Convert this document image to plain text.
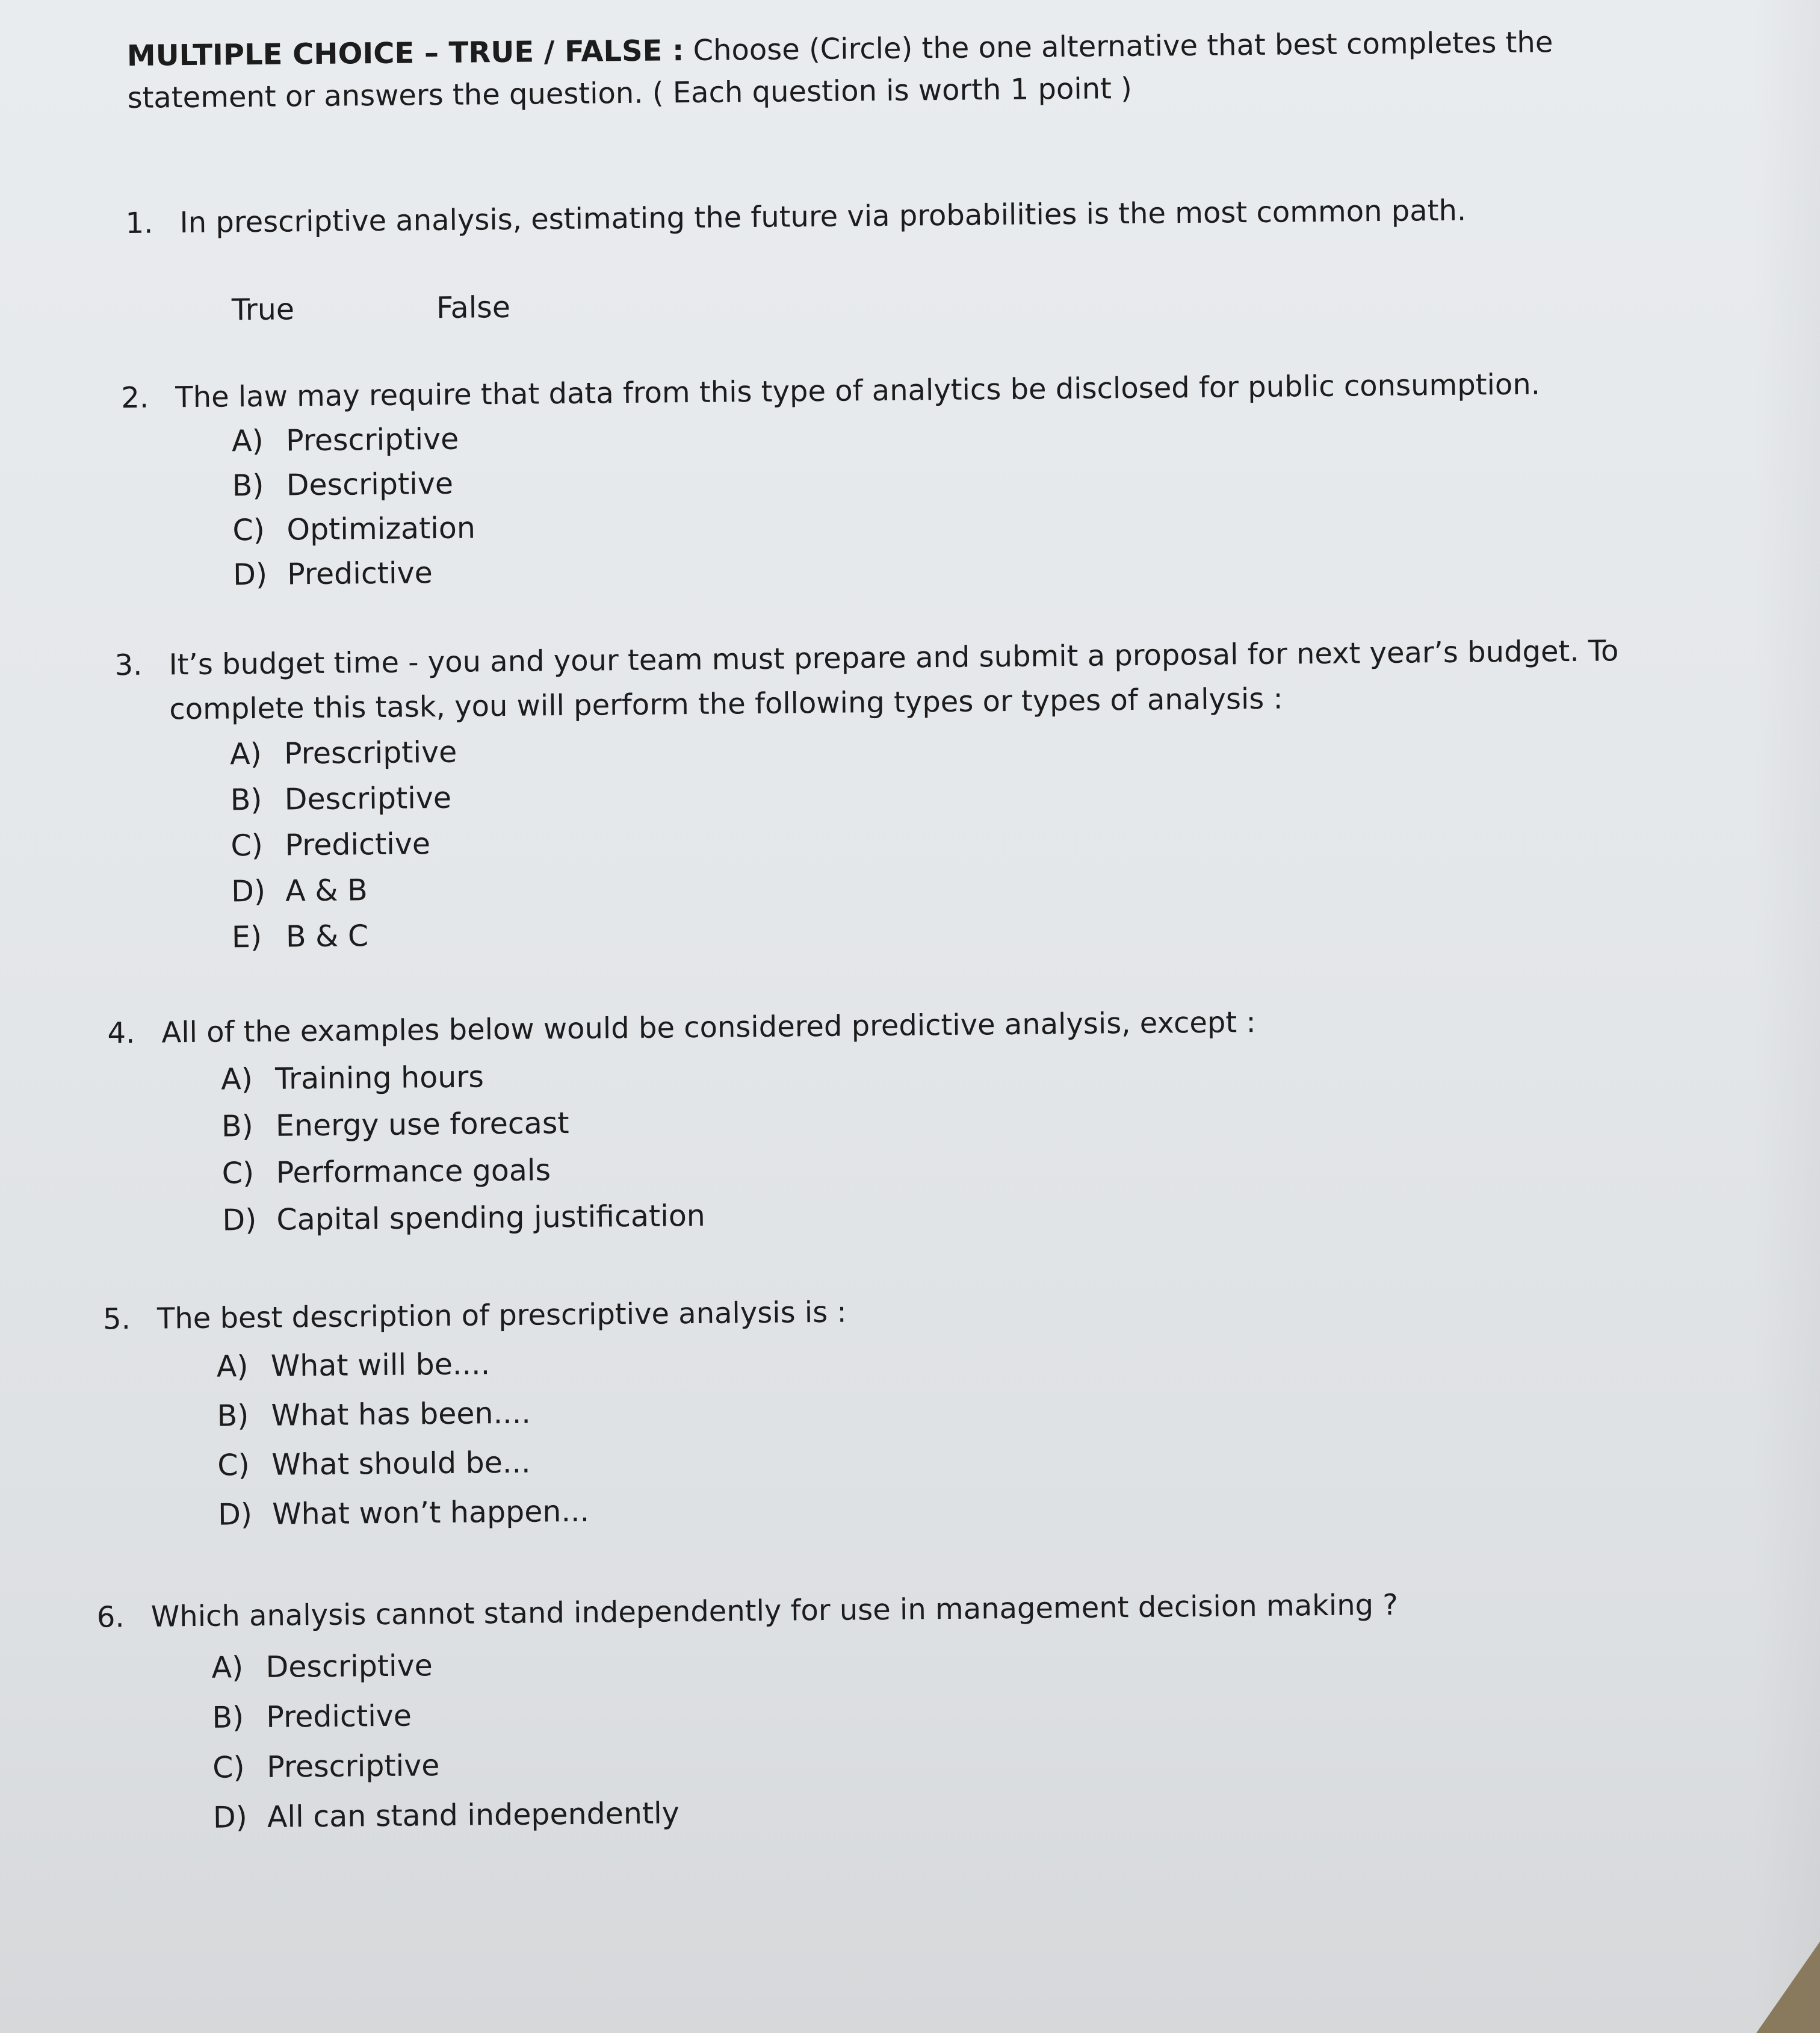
MULTIPLE CHOICE – TRUE / FALSE : Choose (Circle) the one alternative that best completes the statement or answers the question. ( Each question is worth 1 point )
1. In prescriptive analysis, estimating the future via probabilities is the most common path.
True	False
2. The law may require that data from this type of analytics be disclosed for public consumption.
A) Prescriptive
B) Descriptive
C) Optimization
D) Predictive
3. It’s budget time - you and your team must prepare and submit a proposal for next year’s budget. To complete this task, you will perform the following types or types of analysis :
A) Prescriptive
B) Descriptive
C) Predictive
D) A & B
E) B & C
4. All of the examples below would be considered predictive analysis, except :
A) Training hours
B) Energy use forecast
C) Performance goals
D) Capital spending justification
5. The best description of prescriptive analysis is :
A) What will be....
B) What has been....
C) What should be...
D) What won’t happen...
6. Which analysis cannot stand independently for use in management decision making ?
A) Descriptive
B) Predictive
C) Prescriptive
D) All can stand independently
